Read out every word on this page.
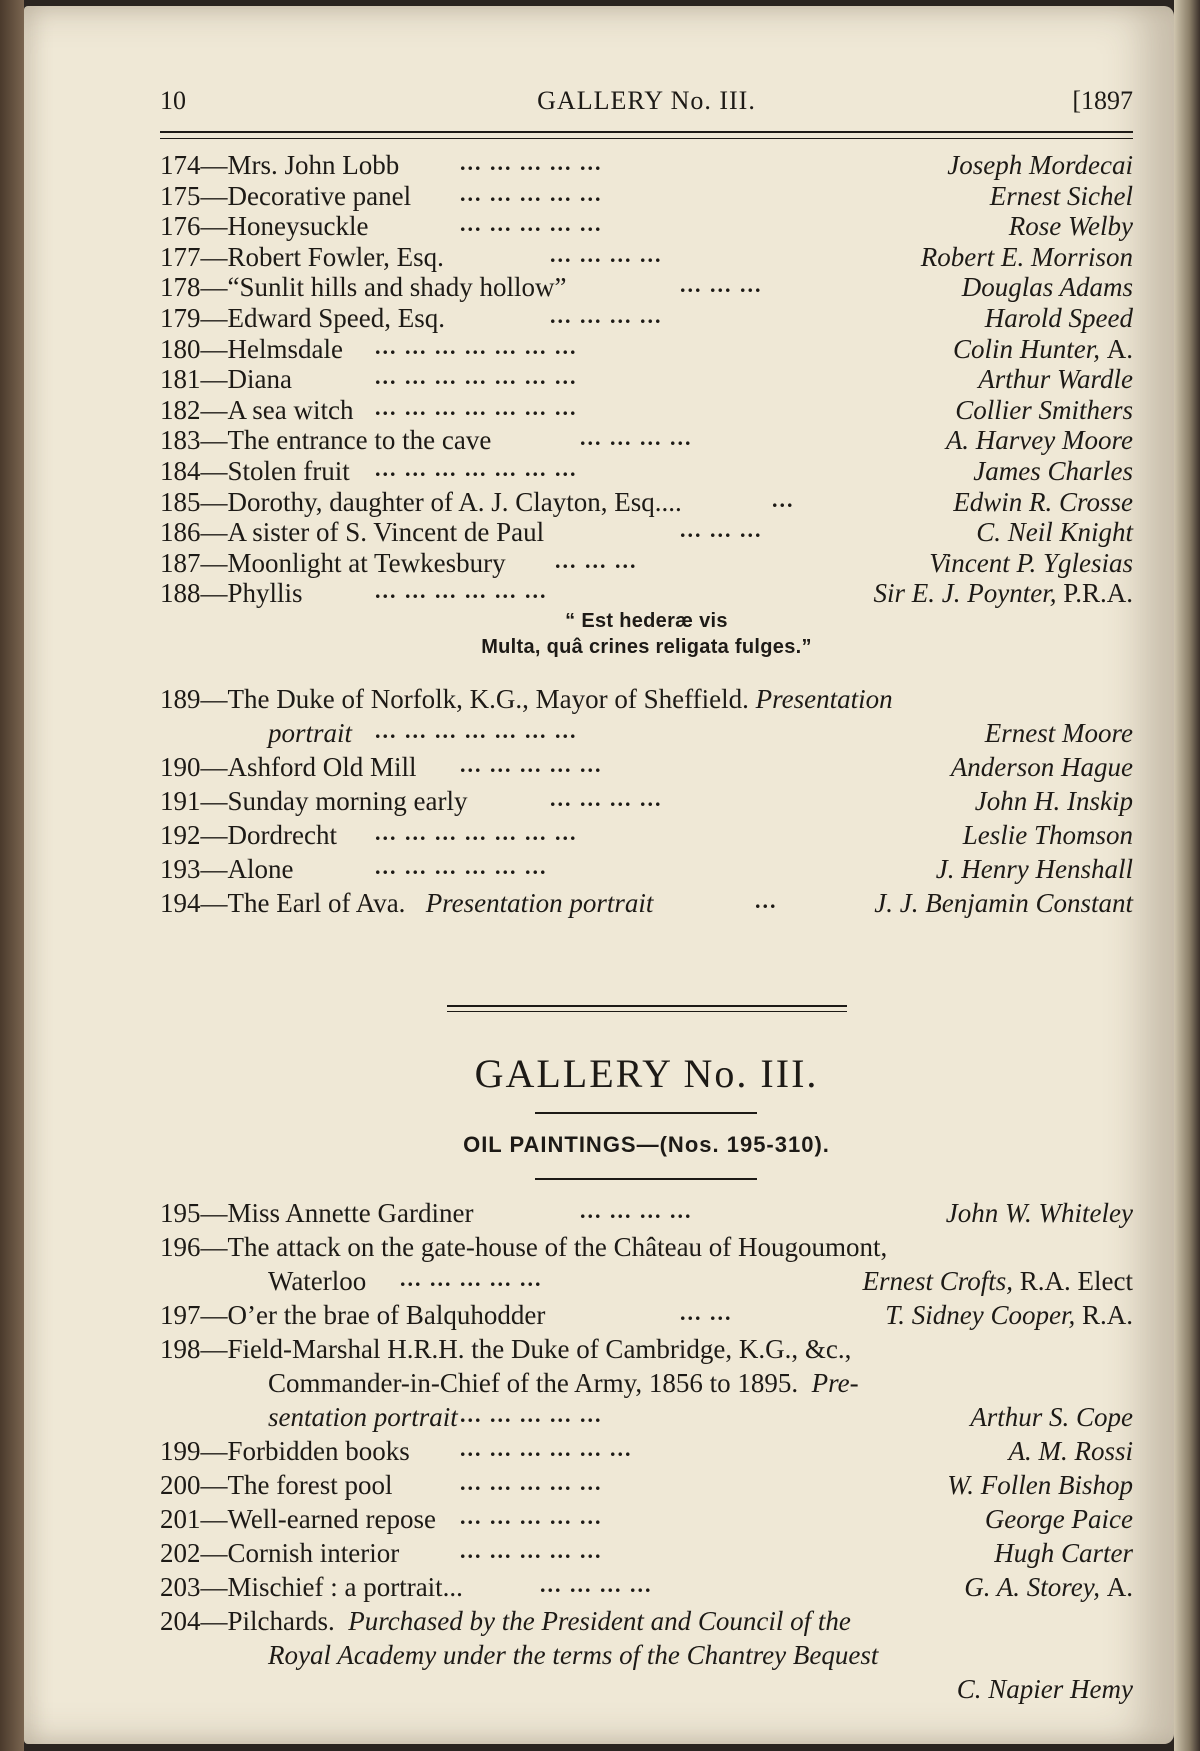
10	GALLERY No. III.	[1897
174—Mrs. John Lobb	... ... ... ... ...	Joseph Mordecai
175—Decorative panel ... ... ... ... ...	Ernest Sichel
176—Honeysuckle	... ... ... ... ...	Rose Welby
177—Robert Fowler, Esq.	... ... ... ...	Robert E. Morrison
178—“Sunlit hills and shady hollow”	... ... ...	Douglas Adams
179—Edward Speed, Esq.	... ... ... ...	Harold Speed
180—Helmsdale ... ... ... ... ... ... ...	Colin Hunter, A.
181—Diana	... ... ... ... ... ... ...	Arthur Wardle
182—A sea witch ... ... ... ... ... ... ...	Collier Smithers
183—The entrance to the cave	... ... ... ...	A. Harvey Moore
184—Stolen fruit ... ... ... ... ... ... ...	James Charles
185—Dorothy, daughter of A. J. Clayton, Esq....	...	Edwin R. Crosse
186—A sister of S. Vincent de Paul	... ... ...	C. Neil Knight
187—Moonlight at Tewkesbury ... ... ...	Vincent P. Yglesias
188—Phyllis	... ... ... ... ... ...	Sir E. J. Poynter, P.R.A.
“ Est hederæ vis
Multa, quâ crines religata fulges.”
189—The Duke of Norfolk, K.G., Mayor of Sheffield. Presentation
portrait ... ... ... ... ... ... ...	Ernest Moore
190—Ashford Old Mill ... ... ... ... ...	Anderson Hague
191—Sunday morning early	... ... ... ...	John H. Inskip
192—Dordrecht ... ... ... ... ... ... ...	Leslie Thomson
193—Alone	... ... ... ... ... ...	J. Henry Henshall
194—The Earl of Ava. Presentation portrait	...	J. J. Benjamin Constant
GALLERY No. III.
OIL PAINTINGS—(Nos. 195-310).
195—Miss Annette Gardiner	... ... ... ...	John W. Whiteley
196—The attack on the gate-house of the Château of Hougoumont,
Waterloo ... ... ... ... ...	Ernest Crofts, R.A. Elect
197—O’er the brae of Balquhodder	... ...	T. Sidney Cooper, R.A.
198—Field-Marshal H.R.H. the Duke of Cambridge, K.G., &c.,
Commander-in-Chief of the Army, 1856 to 1895. Pre-
sentation portrait ... ... ... ... ...	Arthur S. Cope
199—Forbidden books ... ... ... ... ... ...	A. M. Rossi
200—The forest pool	... ... ... ... ...	W. Follen Bishop
201—Well-earned repose ... ... ... ... ...	George Paice
202—Cornish interior	... ... ... ... ...	Hugh Carter
203—Mischief : a portrait...	... ... ... ...	G. A. Storey, A.
204—Pilchards. Purchased by the President and Council of the
Royal Academy under the terms of the Chantrey Bequest
C. Napier Hemy
